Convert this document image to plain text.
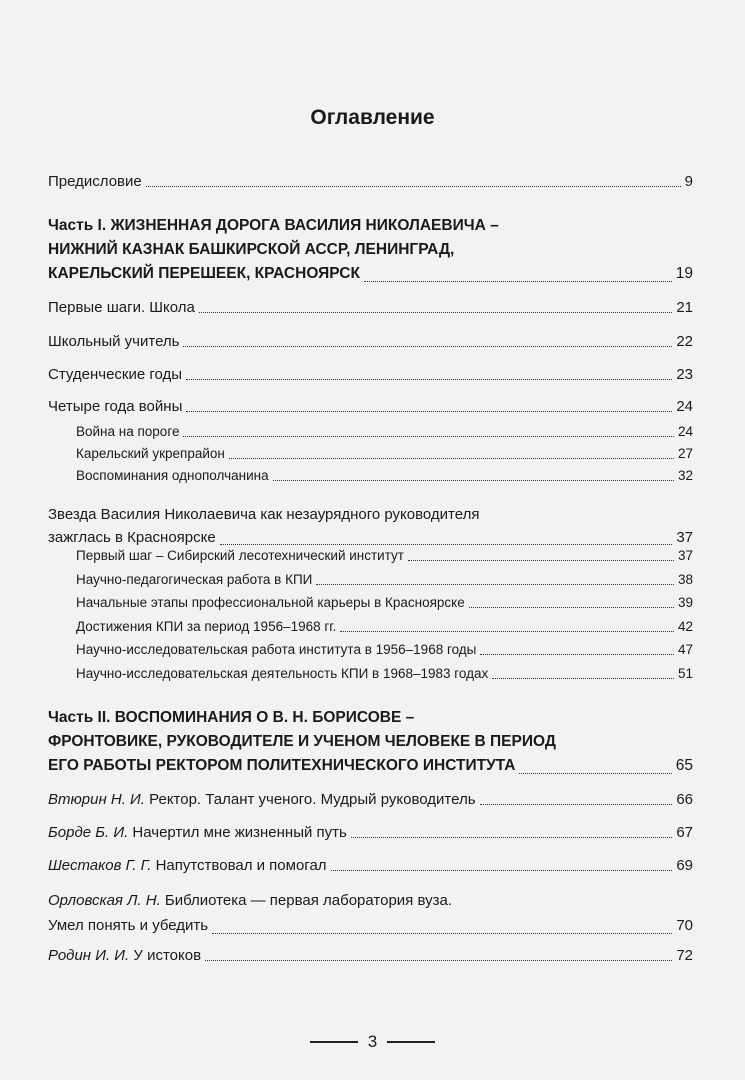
Оглавление
Предисловие	9
Часть I. ЖИЗНЕННАЯ ДОРОГА ВАСИЛИЯ НИКОЛАЕВИЧА –
НИЖНИЙ КАЗНАК БАШКИРСКОЙ АССР, ЛЕНИНГРАД,
КАРЕЛЬСКИЙ ПЕРЕШЕЕК, КРАСНОЯРСК	19
Первые шаги. Школа	21
Школьный учитель	22
Студенческие годы	23
Четыре года войны	24
Война на пороге	24
Карельский укрепрайон	27
Воспоминания однополчанина	32
Звезда Василия Николаевича как незаурядного руководителя
зажглась в Красноярске	37
Первый шаг – Сибирский лесотехнический институт	37
Научно-педагогическая работа в КПИ	38
Начальные этапы профессиональной карьеры в Красноярске	39
Достижения КПИ за период 1956–1968 гг.	42
Научно-исследовательская работа института в 1956–1968 годы	47
Научно-исследовательская деятельность КПИ в 1968–1983 годах	51
Часть II. ВОСПОМИНАНИЯ О В. Н. БОРИСОВЕ –
ФРОНТОВИКЕ, РУКОВОДИТЕЛЕ И УЧЕНОМ ЧЕЛОВЕКЕ В ПЕРИОД
ЕГО РАБОТЫ РЕКТОРОМ ПОЛИТЕХНИЧЕСКОГО ИНСТИТУТА	65
Втюрин Н. И. Ректор. Талант ученого. Мудрый руководитель	66
Борде Б. И. Начертил мне жизненный путь	67
Шестаков Г. Г. Напутствовал и помогал	69
Орловская Л. Н. Библиотека — первая лаборатория вуза.
Умел понять и убедить	70
Родин И. И. У истоков	72
3
